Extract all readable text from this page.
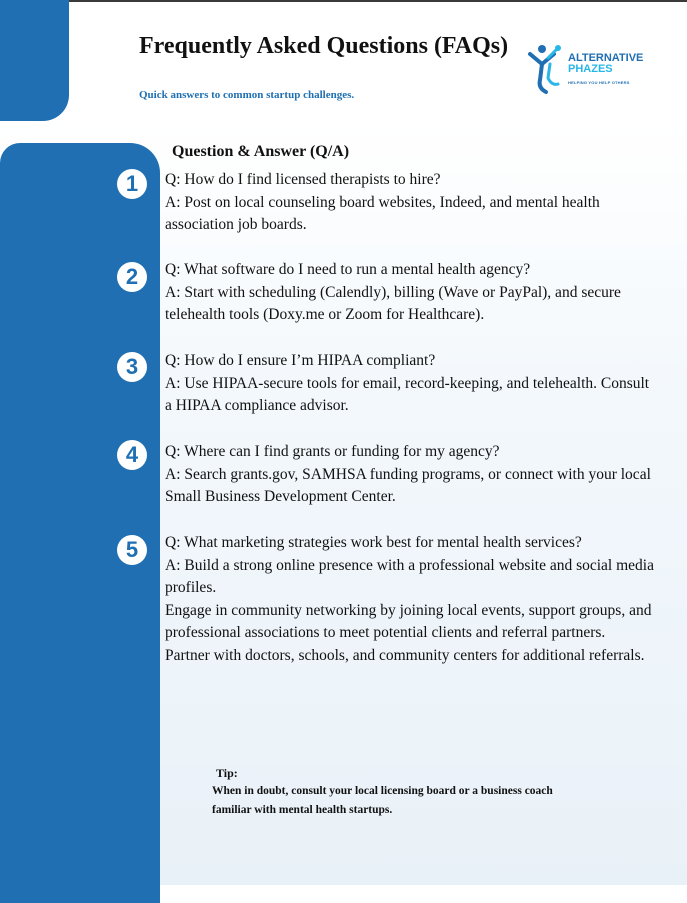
Frequently Asked Questions (FAQs)

Quick answers to common startup challenges.

ALTERNATIVE
PHAZES
HELPING YOU HELP OTHERS
Question & Answer (Q/A)
1	Q: How do I find licensed therapists to hire?

A: Post on local counseling board websites, Indeed, and mental health association job boards.

2	Q: What software do I need to run a mental health agency?

A: Start with scheduling (Calendly), billing (Wave or PayPal), and secure telehealth tools (Doxy.me or Zoom for Healthcare).

3	Q: How do I ensure I’m HIPAA compliant?

A: Use HIPAA-secure tools for email, record-keeping, and telehealth. Consult a HIPAA compliance advisor.

4	Q: Where can I find grants or funding for my agency?

A: Search grants.gov, SAMHSA funding programs, or connect with your local Small Business Development Center.

5	Q: What marketing strategies work best for mental health services?

A: Build a strong online presence with a professional website and social media profiles.

Engage in community networking by joining local events, support groups, and professional associations to meet potential clients and referral partners.

Partner with doctors, schools, and community centers for additional referrals.

Tip:

When in doubt, consult your local licensing board or a business coach familiar with mental health startups.
